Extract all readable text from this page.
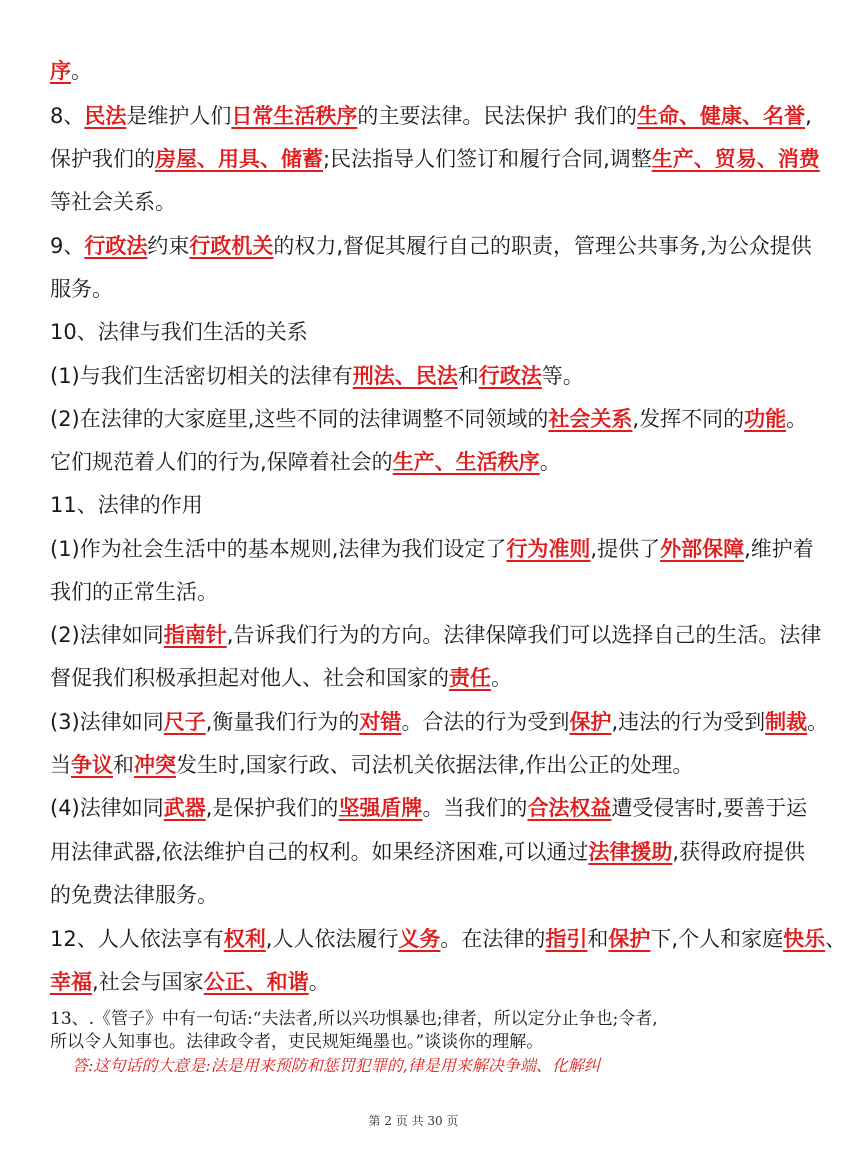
序。
8、民法是维护人们日常生活秩序的主要法律。民法保护 我们的生命、健康、名誉,
保护我们的房屋、用具、储蓄;民法指导人们签订和履行合同,调整生产、贸易、消费
等社会关系。
9、行政法约束行政机关的权力,督促其履行自己的职责，管理公共事务,为公众提供
服务。
10、法律与我们生活的关系
(1)与我们生活密切相关的法律有刑法、民法和行政法等。
(2)在法律的大家庭里,这些不同的法律调整不同领域的社会关系,发挥不同的功能。
它们规范着人们的行为,保障着社会的生产、生活秩序。
11、法律的作用
(1)作为社会生活中的基本规则,法律为我们设定了行为准则,提供了外部保障,维护着
我们的正常生活。
(2)法律如同指南针,告诉我们行为的方向。法律保障我们可以选择自己的生活。法律
督促我们积极承担起对他人、社会和国家的责任。
(3)法律如同尺子,衡量我们行为的对错。合法的行为受到保护,违法的行为受到制裁。
当争议和冲突发生时,国家行政、司法机关依据法律,作出公正的处理。
(4)法律如同武器,是保护我们的坚强盾牌。当我们的合法权益遭受侵害时,要善于运
用法律武器,依法维护自己的权利。如果经济困难,可以通过法律援助,获得政府提供
的免费法律服务。
12、人人依法享有权利,人人依法履行义务。在法律的指引和保护下,个人和家庭快乐、
幸福,社会与国家公正、和谐。
13、.《管子》中有一句话:“夫法者,所以兴功惧暴也;律者，所以定分止争也;令者,
所以令人知事也。法律政令者，吏民规矩绳墨也。”谈谈你的理解。
答:这句话的大意是:法是用来预防和惩罚犯罪的,律是用来解决争端、化解纠
第 2 页 共 30 页
